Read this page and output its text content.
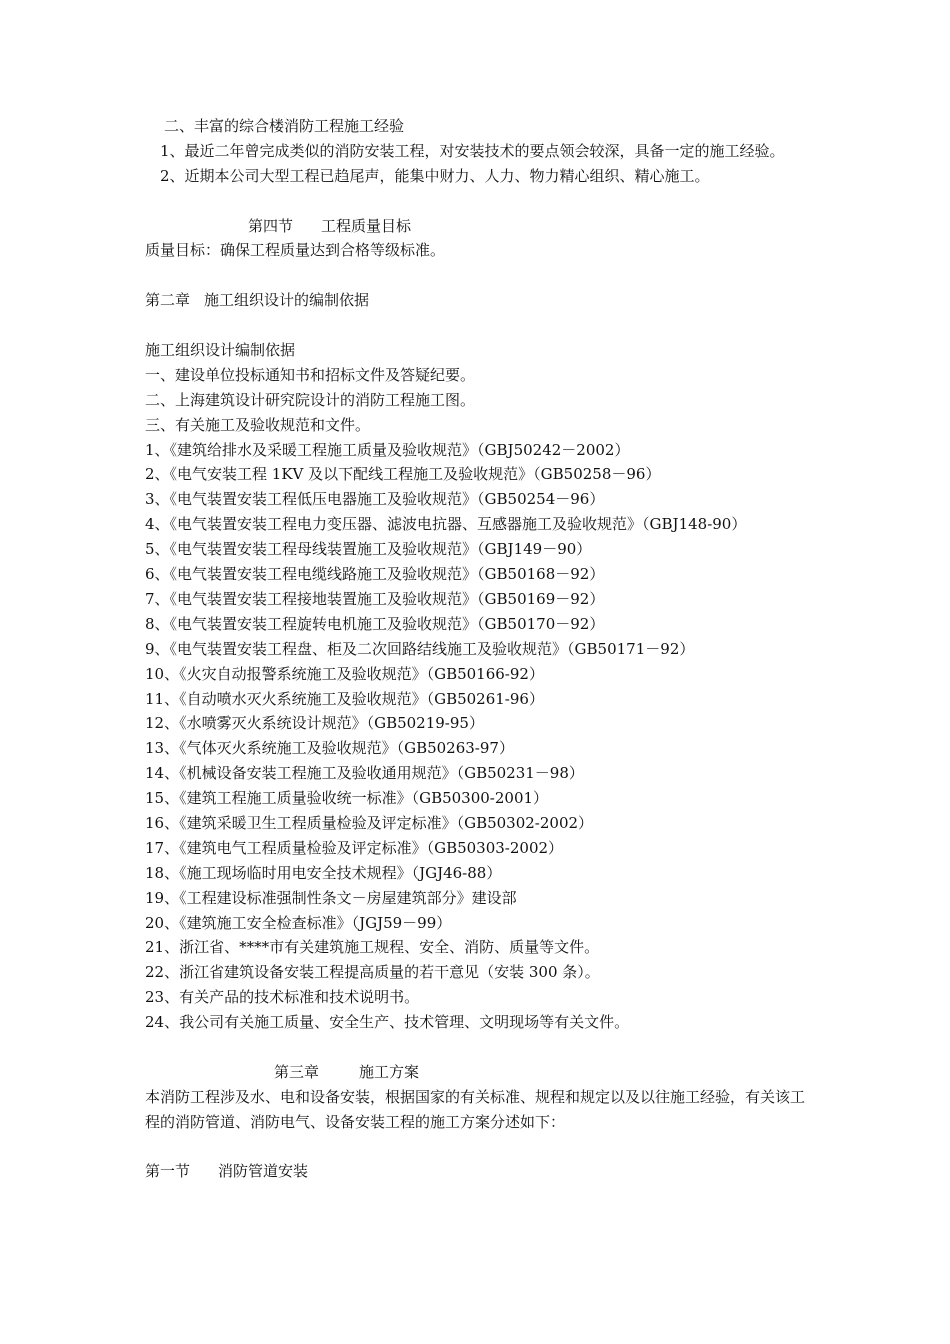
二、丰富的综合楼消防工程施工经验
1、最近二年曾完成类似的消防安装工程，对安装技术的要点领会较深，具备一定的施工经验。
2、近期本公司大型工程已趋尾声，能集中财力、人力、物力精心组织、精心施工。
第四节 工程质量目标
质量目标：确保工程质量达到合格等级标准。
第二章 施工组织设计的编制依据
施工组织设计编制依据
一、建设单位投标通知书和招标文件及答疑纪要。
二、上海建筑设计研究院设计的消防工程施工图。
三、有关施工及验收规范和文件。
1、《建筑给排水及采暖工程施工质量及验收规范》（GBJ50242－2002）
2、《电气安装工程 1KV 及以下配线工程施工及验收规范》（GB50258－96）
3、《电气装置安装工程低压电器施工及验收规范》（GB50254－96）
4、《电气装置安装工程电力变压器、滤波电抗器、互感器施工及验收规范》（GBJ148-90）
5、《电气装置安装工程母线装置施工及验收规范》（GBJ149－90）
6、《电气装置安装工程电缆线路施工及验收规范》（GB50168－92）
7、《电气装置安装工程接地装置施工及验收规范》（GB50169－92）
8、《电气装置安装工程旋转电机施工及验收规范》（GB50170－92）
9、《电气装置安装工程盘、柜及二次回路结线施工及验收规范》（GB50171－92）
10、《火灾自动报警系统施工及验收规范》（GB50166-92）
11、《自动喷水灭火系统施工及验收规范》（GB50261-96）
12、《水喷雾灭火系统设计规范》（GB50219-95）
13、《气体灭火系统施工及验收规范》（GB50263-97）
14、《机械设备安装工程施工及验收通用规范》（GB50231－98）
15、《建筑工程施工质量验收统一标准》（GB50300-2001）
16、《建筑采暖卫生工程质量检验及评定标准》（GB50302-2002）
17、《建筑电气工程质量检验及评定标准》（GB50303-2002）
18、《施工现场临时用电安全技术规程》（JGJ46-88）
19、《工程建设标准强制性条文－房屋建筑部分》建设部
20、《建筑施工安全检查标准》（JGJ59－99）
21、浙江省、****市有关建筑施工规程、安全、消防、质量等文件。
22、浙江省建筑设备安装工程提高质量的若干意见（安装 300 条）。
23、有关产品的技术标准和技术说明书。
24、我公司有关施工质量、安全生产、技术管理、文明现场等有关文件。
第三章	施工方案
本消防工程涉及水、电和设备安装，根据国家的有关标准、规程和规定以及以往施工经验，有关该工程的消防管道、消防电气、设备安装工程的施工方案分述如下：
第一节 消防管道安装
